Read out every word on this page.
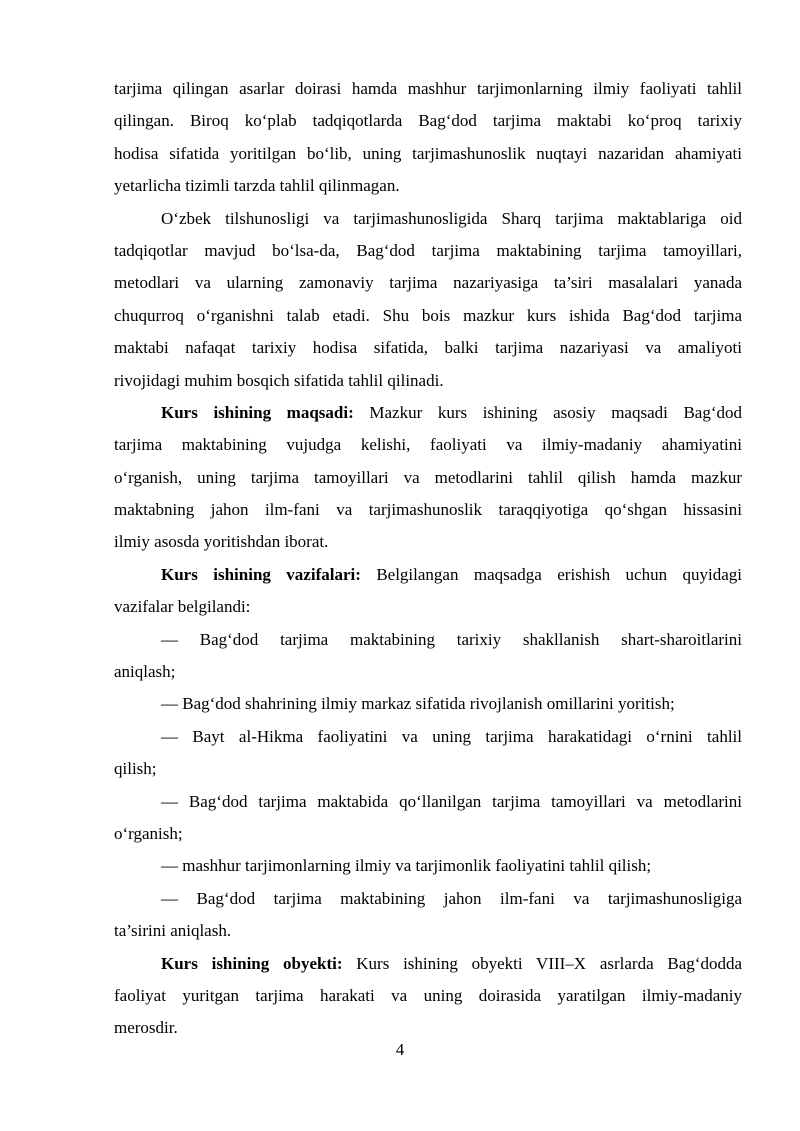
tarjima qilingan asarlar doirasi hamda mashhur tarjimonlarning ilmiy faoliyati tahlil
qilingan. Biroq ko‘plab tadqiqotlarda Bag‘dod tarjima maktabi ko‘proq tarixiy
hodisa sifatida yoritilgan bo‘lib, uning tarjimashunoslik nuqtayi nazaridan ahamiyati
yetarlicha tizimli tarzda tahlil qilinmagan.
O‘zbek tilshunosligi va tarjimashunosligida Sharq tarjima maktablariga oid
tadqiqotlar mavjud bo‘lsa-da, Bag‘dod tarjima maktabining tarjima tamoyillari,
metodlari va ularning zamonaviy tarjima nazariyasiga ta’siri masalalari yanada
chuqurroq o‘rganishni talab etadi. Shu bois mazkur kurs ishida Bag‘dod tarjima
maktabi nafaqat tarixiy hodisa sifatida, balki tarjima nazariyasi va amaliyoti
rivojidagi muhim bosqich sifatida tahlil qilinadi.
Kurs ishining maqsadi: Mazkur kurs ishining asosiy maqsadi Bag‘dod
tarjima maktabining vujudga kelishi, faoliyati va ilmiy-madaniy ahamiyatini
o‘rganish, uning tarjima tamoyillari va metodlarini tahlil qilish hamda mazkur
maktabning jahon ilm-fani va tarjimashunoslik taraqqiyotiga qo‘shgan hissasini
ilmiy asosda yoritishdan iborat.
Kurs ishining vazifalari: Belgilangan maqsadga erishish uchun quyidagi
vazifalar belgilandi:
— Bag‘dod tarjima maktabining tarixiy shakllanish shart-sharoitlarini
aniqlash;
— Bag‘dod shahrining ilmiy markaz sifatida rivojlanish omillarini yoritish;
— Bayt al-Hikma faoliyatini va uning tarjima harakatidagi o‘rnini tahlil
qilish;
— Bag‘dod tarjima maktabida qo‘llanilgan tarjima tamoyillari va metodlarini
o‘rganish;
— mashhur tarjimonlarning ilmiy va tarjimonlik faoliyatini tahlil qilish;
— Bag‘dod tarjima maktabining jahon ilm-fani va tarjimashunosligiga
ta’sirini aniqlash.
Kurs ishining obyekti: Kurs ishining obyekti VIII–X asrlarda Bag‘dodda
faoliyat yuritgan tarjima harakati va uning doirasida yaratilgan ilmiy-madaniy
merosdir.
4
